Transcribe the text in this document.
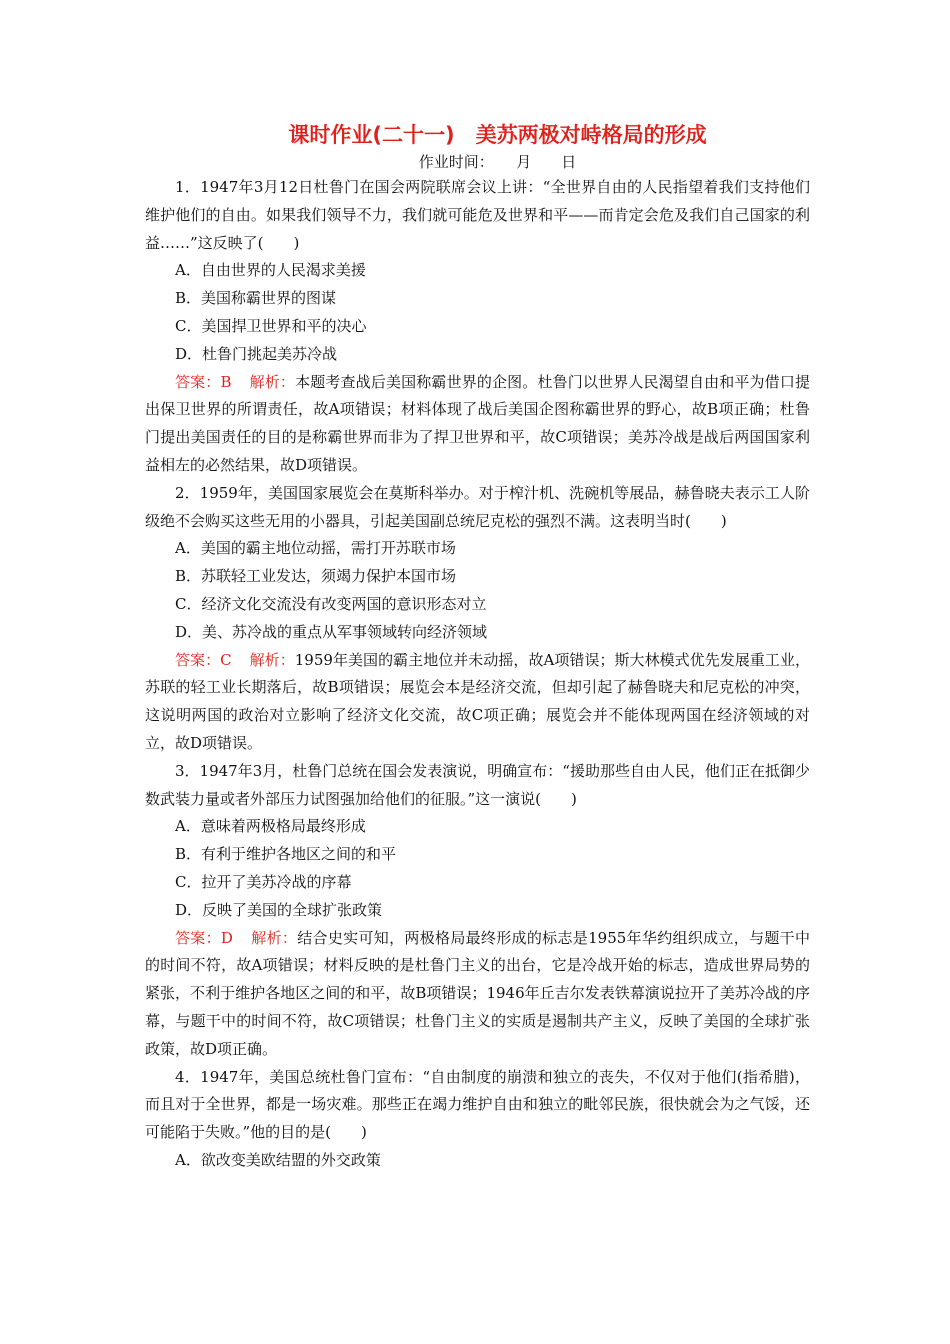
课时作业(二十一)　美苏两极对峙格局的形成
作业时间：　　月　　日

1．1947年3月12日杜鲁门在国会两院联席会议上讲：“全世界自由的人民指望着我们支持他们维护他们的自由。如果我们领导不力，我们就可能危及世界和平——而肯定会危及我们自己国家的利益……”这反映了(　　)

A．自由世界的人民渴求美援

B．美国称霸世界的图谋

C．美国捍卫世界和平的决心

D．杜鲁门挑起美苏冷战

答案：B 解析：本题考查战后美国称霸世界的企图。杜鲁门以世界人民渴望自由和平为借口提出保卫世界的所谓责任，故A项错误；材料体现了战后美国企图称霸世界的野心，故B项正确；杜鲁门提出美国责任的目的是称霸世界而非为了捍卫世界和平，故C项错误；美苏冷战是战后两国国家利益相左的必然结果，故D项错误。

2．1959年，美国国家展览会在莫斯科举办。对于榨汁机、洗碗机等展品，赫鲁晓夫表示工人阶级绝不会购买这些无用的小器具，引起美国副总统尼克松的强烈不满。这表明当时(　　)

A．美国的霸主地位动摇，需打开苏联市场

B．苏联轻工业发达，须竭力保护本国市场

C．经济文化交流没有改变两国的意识形态对立

D．美、苏冷战的重点从军事领域转向经济领域

答案：C 解析：1959年美国的霸主地位并未动摇，故A项错误；斯大林模式优先发展重工业，苏联的轻工业长期落后，故B项错误；展览会本是经济交流，但却引起了赫鲁晓夫和尼克松的冲突，这说明两国的政治对立影响了经济文化交流，故C项正确；展览会并不能体现两国在经济领域的对立，故D项错误。

3．1947年3月，杜鲁门总统在国会发表演说，明确宣布：“援助那些自由人民，他们正在抵御少数武装力量或者外部压力试图强加给他们的征服。”这一演说(　　)

A．意味着两极格局最终形成

B．有利于维护各地区之间的和平

C．拉开了美苏冷战的序幕

D．反映了美国的全球扩张政策

答案：D 解析：结合史实可知，两极格局最终形成的标志是1955年华约组织成立，与题干中的时间不符，故A项错误；材料反映的是杜鲁门主义的出台，它是冷战开始的标志，造成世界局势的紧张，不利于维护各地区之间的和平，故B项错误；1946年丘吉尔发表铁幕演说拉开了美苏冷战的序幕，与题干中的时间不符，故C项错误；杜鲁门主义的实质是遏制共产主义，反映了美国的全球扩张政策，故D项正确。

4．1947年，美国总统杜鲁门宣布：“自由制度的崩溃和独立的丧失，不仅对于他们(指希腊)，而且对于全世界，都是一场灾难。那些正在竭力维护自由和独立的毗邻民族，很快就会为之气馁，还可能陷于失败。”他的目的是(　　)

A．欲改变美欧结盟的外交政策
